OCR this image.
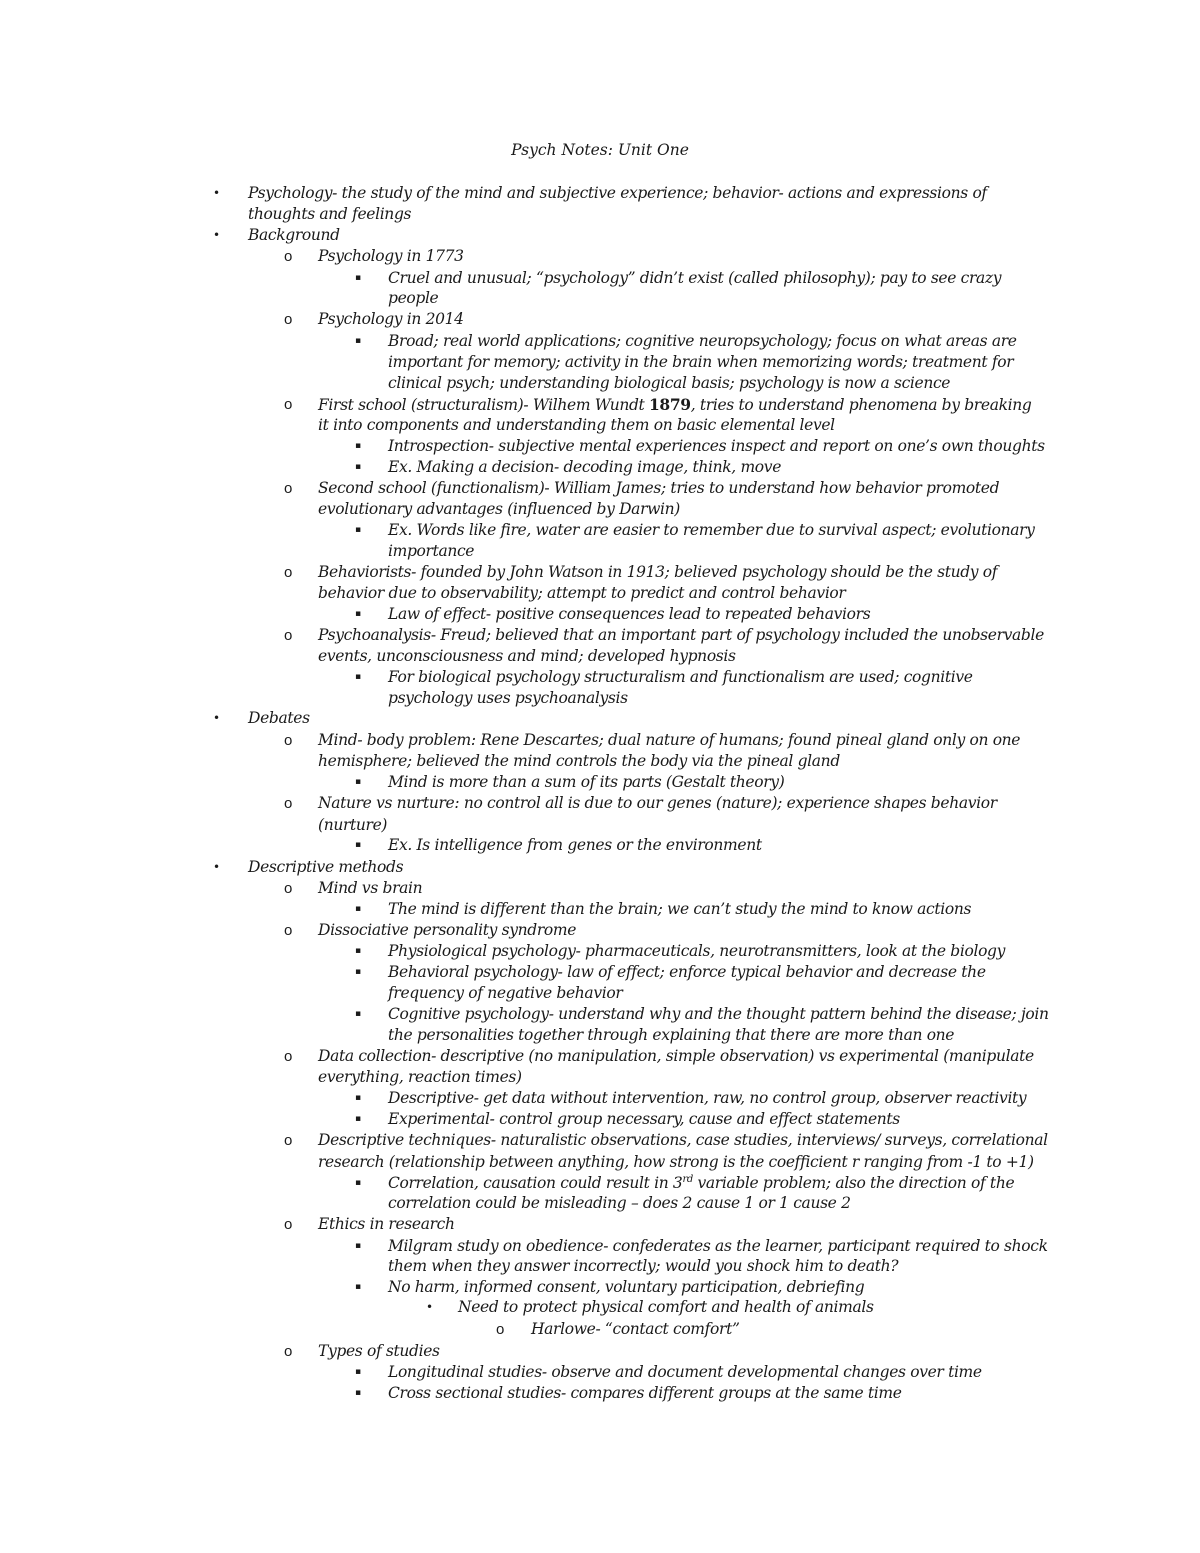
Psych Notes: Unit One
• Psychology- the study of the mind and subjective experience; behavior- actions and expressions of
thoughts and feelings
• Background
o Psychology in 1773
▪ Cruel and unusual; “psychology” didn’t exist (called philosophy); pay to see crazy
people
o Psychology in 2014
▪ Broad; real world applications; cognitive neuropsychology; focus on what areas are
important for memory; activity in the brain when memorizing words; treatment for
clinical psych; understanding biological basis; psychology is now a science
o First school (structuralism)- Wilhem Wundt 1879, tries to understand phenomena by breaking
it into components and understanding them on basic elemental level
▪ Introspection- subjective mental experiences inspect and report on one’s own thoughts
▪ Ex. Making a decision- decoding image, think, move
o Second school (functionalism)- William James; tries to understand how behavior promoted
evolutionary advantages (influenced by Darwin)
▪ Ex. Words like fire, water are easier to remember due to survival aspect; evolutionary
importance
o Behaviorists- founded by John Watson in 1913; believed psychology should be the study of
behavior due to observability; attempt to predict and control behavior
▪ Law of effect- positive consequences lead to repeated behaviors
o Psychoanalysis- Freud; believed that an important part of psychology included the unobservable
events, unconsciousness and mind; developed hypnosis
▪ For biological psychology structuralism and functionalism are used; cognitive
psychology uses psychoanalysis
• Debates
o Mind- body problem: Rene Descartes; dual nature of humans; found pineal gland only on one
hemisphere; believed the mind controls the body via the pineal gland
▪ Mind is more than a sum of its parts (Gestalt theory)
o Nature vs nurture: no control all is due to our genes (nature); experience shapes behavior
(nurture)
▪ Ex. Is intelligence from genes or the environment
• Descriptive methods
o Mind vs brain
▪ The mind is different than the brain; we can’t study the mind to know actions
o Dissociative personality syndrome
▪ Physiological psychology- pharmaceuticals, neurotransmitters, look at the biology
▪ Behavioral psychology- law of effect; enforce typical behavior and decrease the
frequency of negative behavior
▪ Cognitive psychology- understand why and the thought pattern behind the disease; join
the personalities together through explaining that there are more than one
o Data collection- descriptive (no manipulation, simple observation) vs experimental (manipulate
everything, reaction times)
▪ Descriptive- get data without intervention, raw, no control group, observer reactivity
▪ Experimental- control group necessary, cause and effect statements
o Descriptive techniques- naturalistic observations, case studies, interviews/ surveys, correlational
research (relationship between anything, how strong is the coefficient r ranging from -1 to +1)
▪ Correlation, causation could result in 3rd variable problem; also the direction of the
correlation could be misleading – does 2 cause 1 or 1 cause 2
o Ethics in research
▪ Milgram study on obedience- confederates as the learner, participant required to shock
them when they answer incorrectly; would you shock him to death?
▪ No harm, informed consent, voluntary participation, debriefing
• Need to protect physical comfort and health of animals
o Harlowe- “contact comfort”
o Types of studies
▪ Longitudinal studies- observe and document developmental changes over time
▪ Cross sectional studies- compares different groups at the same time
